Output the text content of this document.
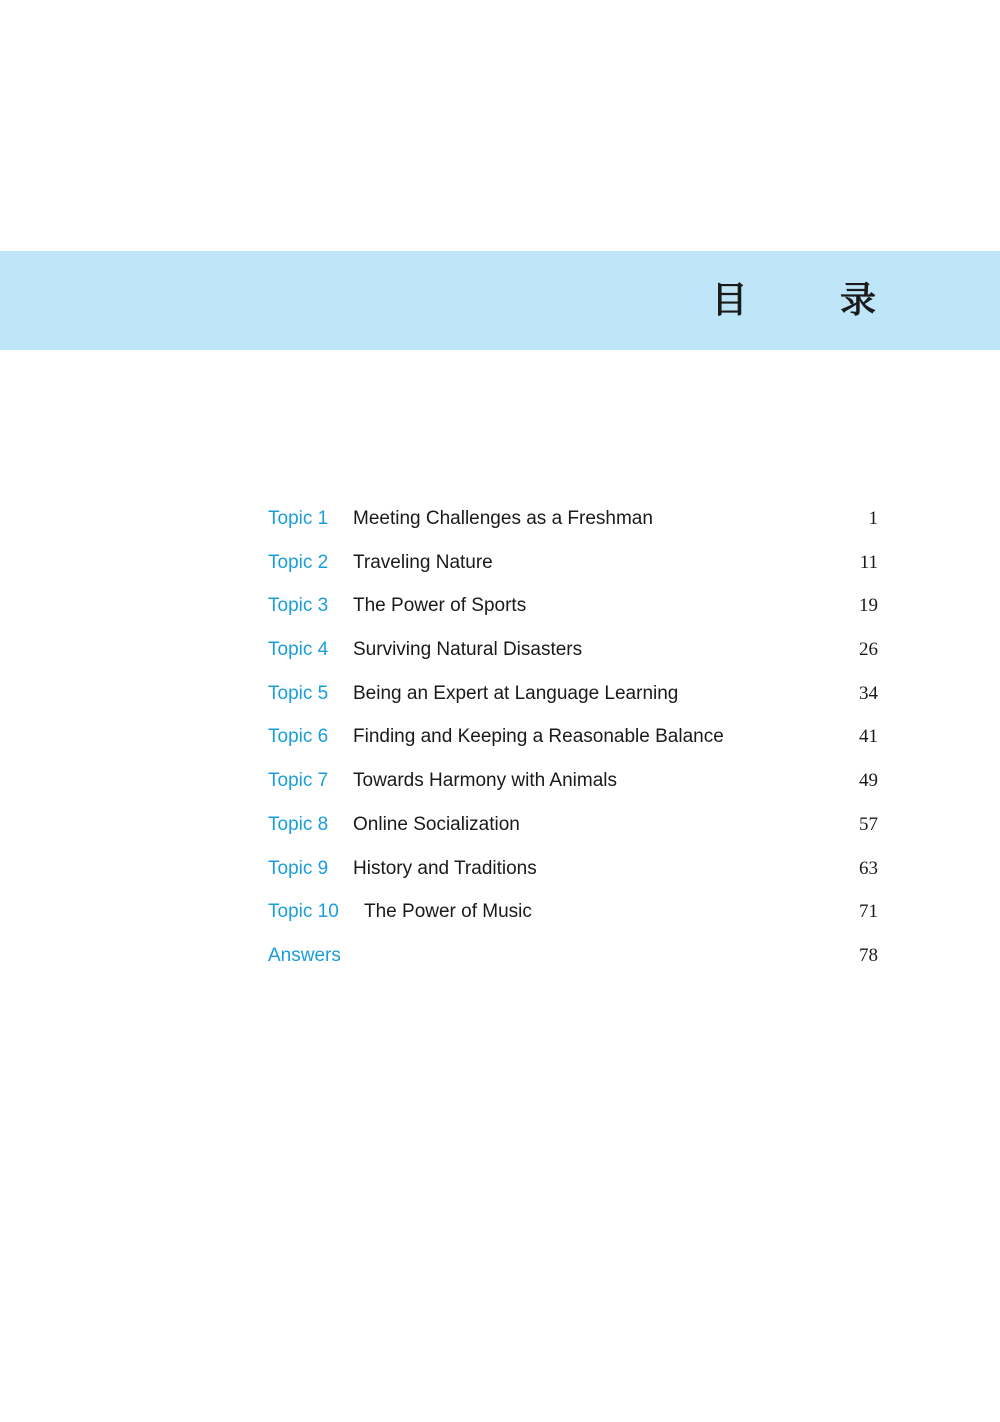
目 录
Topic 1 Meeting Challenges as a Freshman	1
Topic 2 Traveling Nature	11
Topic 3 The Power of Sports	19
Topic 4 Surviving Natural Disasters	26
Topic 5 Being an Expert at Language Learning	34
Topic 6 Finding and Keeping a Reasonable Balance	41
Topic 7 Towards Harmony with Animals	49
Topic 8 Online Socialization	57
Topic 9 History and Traditions	63
Topic 10 The Power of Music	71
Answers	78
